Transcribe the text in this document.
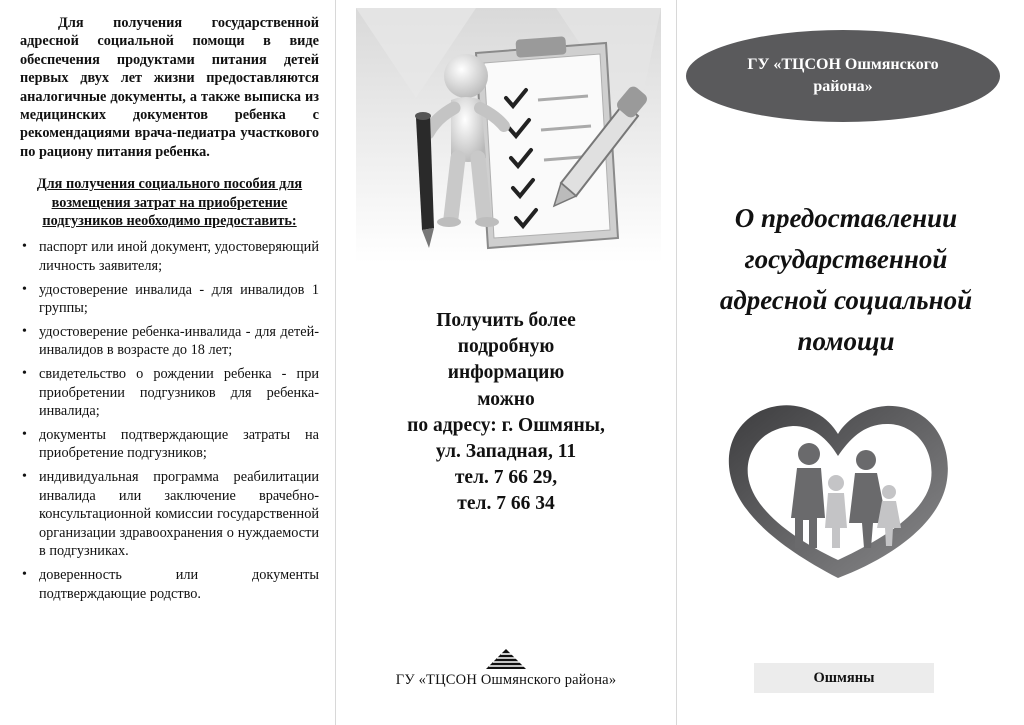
Для получения государственной адресной социальной помощи в виде обеспечения продуктами питания детей первых двух лет жизни предоставляются аналогичные документы, а также выписка из медицинских документов ребенка с рекомендациями врача-педиатра участкового по рациону питания ребенка.

Для получения социального пособия для возмещения затрат на приобретение подгузников необходимо предоставить:

• паспорт или иной документ, удостоверяющий личность заявителя;
• удостоверение инвалида - для инвалидов 1 группы;
• удостоверение ребенка-инвалида - для детей-инвалидов в возрасте до 18 лет;
• свидетельство о рождении ребенка - при приобретении подгузников для ребенка-инвалида;
• документы подтверждающие затраты на приобретение подгузников;
• индивидуальная программа реабилитации инвалида или заключение врачебно-консультационной комиссии государственной организации здравоохранения о нуждаемости в подгузниках.
• доверенность или документы подтверждающие родство.
Получить более
подробную
информацию
можно
по адресу: г. Ошмяны,
ул. Западная, 11
тел. 7 66 29,
тел. 7 66 34
ГУ «ТЦСОН Ошмянского района»
ГУ «ТЦСОН Ошмянского
района»
О предоставлении
государственной
адресной социальной
помощи
Ошмяны
